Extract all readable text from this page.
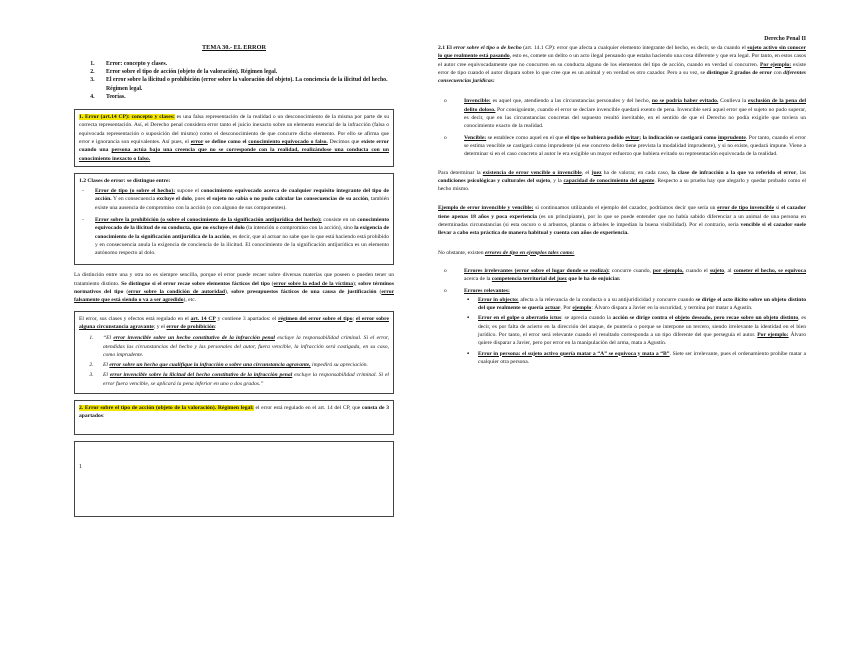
TEMA 30.- EL ERROR

1. Error: concepto y clases.
2. Error sobre el tipo de acción (objeto de la valoración). Régimen legal.
3. El error sobre la ilicitud o prohibición (error sobre la valoración del objeto). La conciencia de la ilicitud del hecho. Régimen legal.
4. Teorías.

1. Error (art.14 CP): concepto y clases: es una falsa representación de la realidad o un desconocimiento de la misma por parte de su correcta representación. Así, el Derecho penal considera error tanto el juicio inexacto sobre un elemento esencial de la infracción (falsa o equivocada representación o suposición del mismo) como el desconocimiento de que concurre dicho elemento. Por ello se afirma que error e ignorancia son equivalentes. Así pues, el error se define como el conocimiento equivocado o falso. Decimos que existe error cuando una persona actúa bajo una creencia que no se corresponde con la realidad, realizándose una conducta con un conocimiento inexacto o falso.

1.2 Clases de error: se distingue entre:

- Error de tipo (o sobre el hecho): supone el conocimiento equivocado acerca de cualquier requisito integrante del tipo de acción. Y en consecuencia excluye el dolo, pues el sujeto no sabía o no pudo calcular las consecuencias de su acción, también existe una ausencia de compromiso con la acción (o con alguno de sus componentes).
- Error sobre la prohibición (o sobre el conocimiento de la significación antijurídica del hecho): consiste en un conocimiento equivocado de la ilicitud de su conducta, que no excluye el dolo (la intención o compromiso con la acción), sino la exigencia de conocimiento de la significación antijurídica de la acción, es decir, que al actuar no sabe que lo que está haciendo está prohibido y en consecuencia anula la exigencia de conciencia de la ilicitud. El conocimiento de la significación antijurídica es un elemento autónomo respecto al dolo.

La distinción entre una y otra no es siempre sencilla, porque el error puede recaer sobre diversas materias que poseen o pueden tener un tratamiento distinto. Se distingue si el error recae sobre elementos fácticos del tipo (error sobre la edad de la víctima); sobre términos normativos del tipo (error sobre la condición de autoridad), sobre presupuestos fácticos de una causa de justificación (error falsamente que está siendo o va a ser agredido), etc.

El error, sus clases y efectos está regulado en el art. 14 CP y contiene 3 apartados: el régimen del error sobre el tipo; el error sobre alguna circunstancia agravante; y el error de prohibición:

1. “El error invencible sobre un hecho constitutivo de la infracción penal excluye la responsabilidad criminal. Si el error, atendidas las circunstancias del hecho y las personales del autor, fuera vencible, la infracción será castigada, en su caso, como imprudente.
2. El error sobre un hecho que cualifique la infracción o sobre una circunstancia agravante, impedirá su apreciación.
3. El error invencible sobre la ilicitud del hecho constitutivo de la infracción penal excluye la responsabilidad criminal. Si el error fuera vencible, se aplicará la pena inferior en uno o dos grados.”

2. Error sobre el tipo de acción (objeto de la valoración). Régimen legal: el error está regulado en el art. 14 del CP, que consta de 3 apartados:

1

Derecho Penal II

2.1 El error sobre el tipo o de hecho (art. 14.1 CP): error que afecta a cualquier elemento integrante del hecho, es decir, se da cuando el sujeto activo sin conocer lo que realmente está pasando, esto es, comete un delito o un acto ilegal pensando que estaba haciendo una cosa diferente y que era legal. Por tanto, en estos casos el autor cree equivocadamente que no concurren en su conducta alguno de los elementos del tipo de acción, cuando en verdad sí concurren. Por ejemplo: existe error de tipo cuando el autor dispara sobre lo que cree que es un animal y en verdad es otro cazador. Pero a su vez, se distingue 2 grados de error con diferentes consecuencias jurídicas:

o Invencible: es aquel que, atendiendo a las circunstancias personales y del hecho, no se podría haber evitado. Conlleva la exclusión de la pena del delito doloso. Por consiguiente, cuando el error se declare invencible quedará exento de pena. Invencible será aquel error que el sujeto no pudo superar, es decir, que en las circunstancias concretas del supuesto resultó inevitable, en el sentido de que el Derecho no podía exigirle que tuviera un conocimiento exacto de la realidad.
o Vencible: se establece como aquel en el que el tipo se hubiera podido evitar; la indicación se castigará como imprudente. Por tanto, cuando el error se estima vencible se castigará como imprudente (si ese concreto delito tiene prevista la modalidad imprudente), y si no existe, quedará impune. Viene a determinar si en el caso concreto al autor le era exigible un mayor esfuerzo que hubiera evitado su representación equivocada de la realidad.

Para determinar la existencia de error vencible o invencible, el juez ha de valorar, en cada caso, la clase de infracción a la que va referido el error, las condiciones psicológicas y culturales del sujeto, y la capacidad de conocimiento del agente. Respecto a su prueba hay que alegarlo y quedar probado como el hecho mismo.

Ejemplo de error invencible y vencible: si continuamos utilizando el ejemplo del cazador, podríamos decir que sería un error de tipo invencible si el cazador tiene apenas 18 años y poca experiencia (es un principiante), por lo que se puede entender que no había sabido diferenciar a un animal de una persona en determinadas circunstancias (si esta oscuro o si arbustos, plantas o árboles le impedían la buena visibilidad). Por el contrario, sería vencible si el cazador suele llevar a cabo esta práctica de manera habitual y cuenta con años de experiencia.

No obstante, existen errores de tipo en ejemplos tales como:

o Errores irrelevantes (error sobre el lugar donde se realiza): concurre cuando, por ejemplo, cuando el sujeto, al cometer el hecho, se equivoca acerca de la competencia territorial del juez que le ha de enjuiciar.
o Errores relevantes:
▪ Error in objecto: afecta a la relevancia de la conducta o a su antijuridicidad y concurre cuando se dirige el acto ilícito sobre un objeto distinto del que realmente se quería actuar. Por ejemplo: Álvaro dispara a Javier en la oscuridad, y termina por matar a Agustín.
▪ Error en el golpe o aberratio ictus: se aprecia cuando la acción se dirige contra el objeto deseado, pero recae sobre un objeto distinto, es decir, es por falta de acierto en la dirección del ataque, de puntería o porque se interpone un tercero, siendo irrelevante la identidad en el bien jurídico. Por tanto, el error será relevante cuando el resultado corresponda a un tipo diferente del que perseguía el autor. Por ejemplo: Álvaro quiere disparar a Javier, pero por error en la manipulación del arma, mata a Agustín.
▪ Error in persona: el sujeto activo quería matar a “A” se equivoca y mata a “B”. Siete ser irrelevante, pues el ordenamiento prohíbe matar a cualquier otra persona.
